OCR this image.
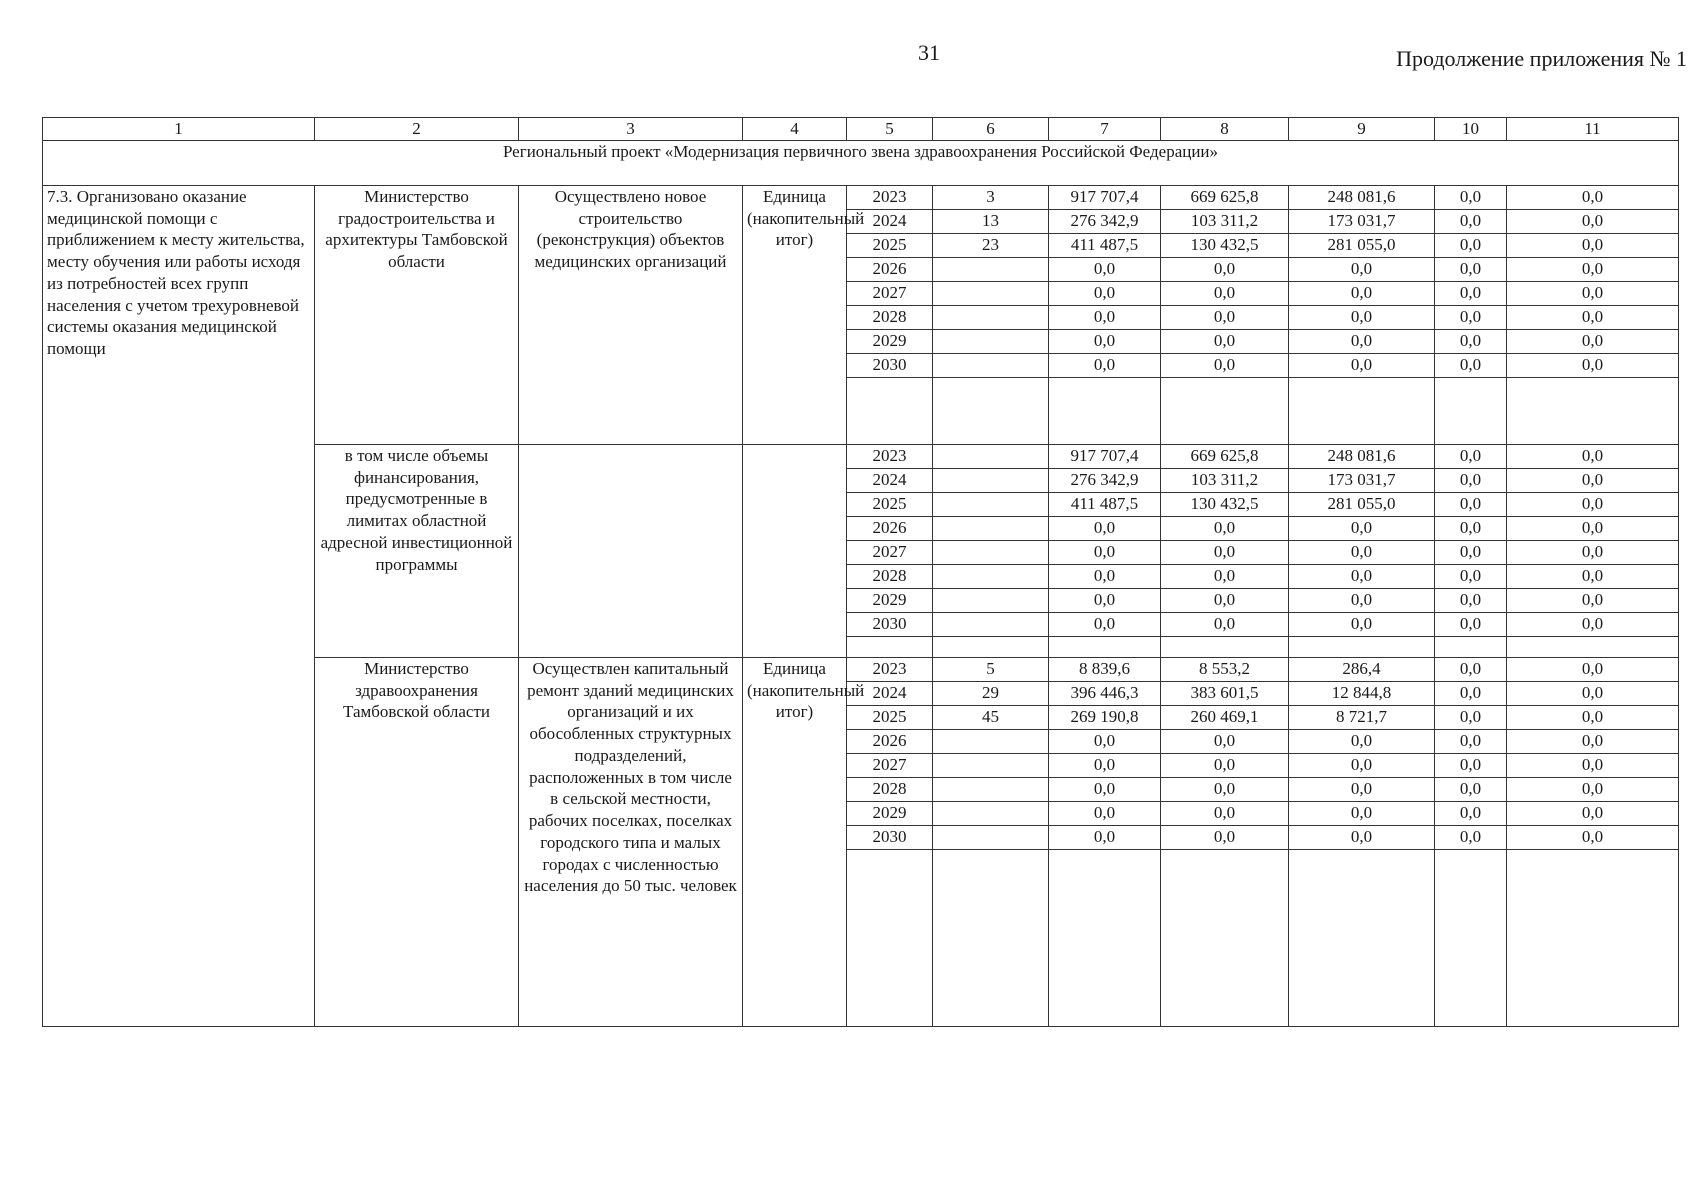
31	Продолжение приложения № 1
1	2	3	4	5	6	7	8	9	10	11
Региональный проект «Модернизация первичного звена здравоохранения Российской Федерации»										
7.3. Организовано оказание медицинской помощи с приближением к месту жительства, месту обучения или работы исходя из потребностей всех групп населения с учетом трехуровневой системы оказания медицинской помощи	Министерство градостроительства и архитектуры Тамбовской области	Осуществлено новое строительство (реконструкция) объектов медицинских организаций	Единица (накопительный итог)	2023	3	917 707,4	669 625,8	248 081,6	0,0	0,0
				2024	13	276 342,9	103 311,2	173 031,7	0,0	0,0
				2025	23	411 487,5	130 432,5	281 055,0	0,0	0,0
				2026		0,0	0,0	0,0	0,0	0,0
				2027		0,0	0,0	0,0	0,0	0,0
				2028		0,0	0,0	0,0	0,0	0,0
				2029		0,0	0,0	0,0	0,0	0,0
				2030		0,0	0,0	0,0	0,0	0,0

	в том числе объемы финансирования, предусмотренные в лимитах областной адресной инвестиционной программы			2023		917 707,4	669 625,8	248 081,6	0,0	0,0
				2024		276 342,9	103 311,2	173 031,7	0,0	0,0
				2025		411 487,5	130 432,5	281 055,0	0,0	0,0
				2026		0,0	0,0	0,0	0,0	0,0
				2027		0,0	0,0	0,0	0,0	0,0
				2028		0,0	0,0	0,0	0,0	0,0
				2029		0,0	0,0	0,0	0,0	0,0
				2030		0,0	0,0	0,0	0,0	0,0

	Министерство здравоохранения Тамбовской области	Осуществлен капитальный ремонт зданий медицинских организаций и их обособленных структурных подразделений, расположенных в том числе в сельской местности, рабочих поселках, поселках городского типа и малых городах с численностью населения до 50 тыс. человек	Единица (накопительный итог)	2023	5	8 839,6	8 553,2	286,4	0,0	0,0
				2024	29	396 446,3	383 601,5	12 844,8	0,0	0,0
				2025	45	269 190,8	260 469,1	8 721,7	0,0	0,0
				2026		0,0	0,0	0,0	0,0	0,0
				2027		0,0	0,0	0,0	0,0	0,0
				2028		0,0	0,0	0,0	0,0	0,0
				2029		0,0	0,0	0,0	0,0	0,0
				2030		0,0	0,0	0,0	0,0	0,0
